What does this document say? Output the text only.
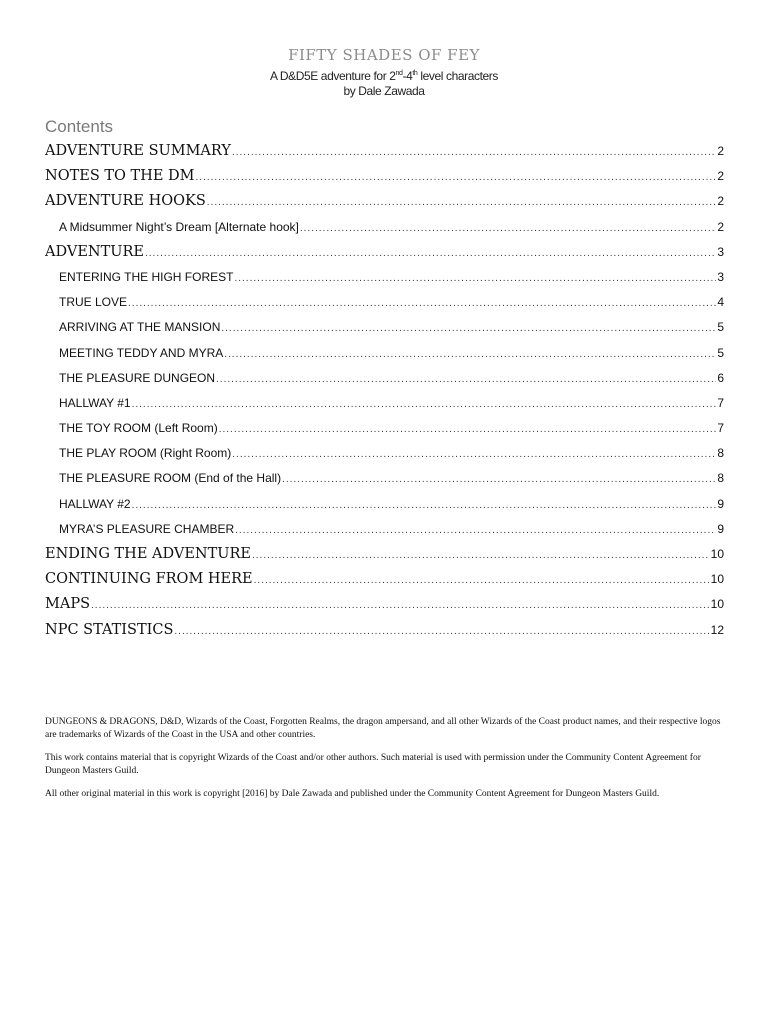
FIFTY SHADES OF FEY
A D&D5E adventure for 2nd-4th level characters
by Dale Zawada
Contents
ADVENTURE SUMMARY .....	2
NOTES TO THE DM .....	2
ADVENTURE HOOKS .....	2
A Midsummer Night’s Dream [Alternate hook] .....	2
ADVENTURE .....	3
ENTERING THE HIGH FOREST .....	3
TRUE LOVE .....	4
ARRIVING AT THE MANSION .....	5
MEETING TEDDY AND MYRA .....	5
THE PLEASURE DUNGEON .....	6
HALLWAY #1 .....	7
THE TOY ROOM (Left Room) .....	7
THE PLAY ROOM (Right Room) .....	8
THE PLEASURE ROOM (End of the Hall) .....	8
HALLWAY #2 .....	9
MYRA’S PLEASURE CHAMBER .....	9
ENDING THE ADVENTURE .....	10
CONTINUING FROM HERE .....	10
MAPS .....	10
NPC STATISTICS .....	12

DUNGEONS & DRAGONS, D&D, Wizards of the Coast, Forgotten Realms, the dragon ampersand, and all other Wizards of the Coast product names, and their respective logos are trademarks of Wizards of the Coast in the USA and other countries.

This work contains material that is copyright Wizards of the Coast and/or other authors. Such material is used with permission under the Community Content Agreement for Dungeon Masters Guild.

All other original material in this work is copyright [2016] by Dale Zawada and published under the Community Content Agreement for Dungeon Masters Guild.
